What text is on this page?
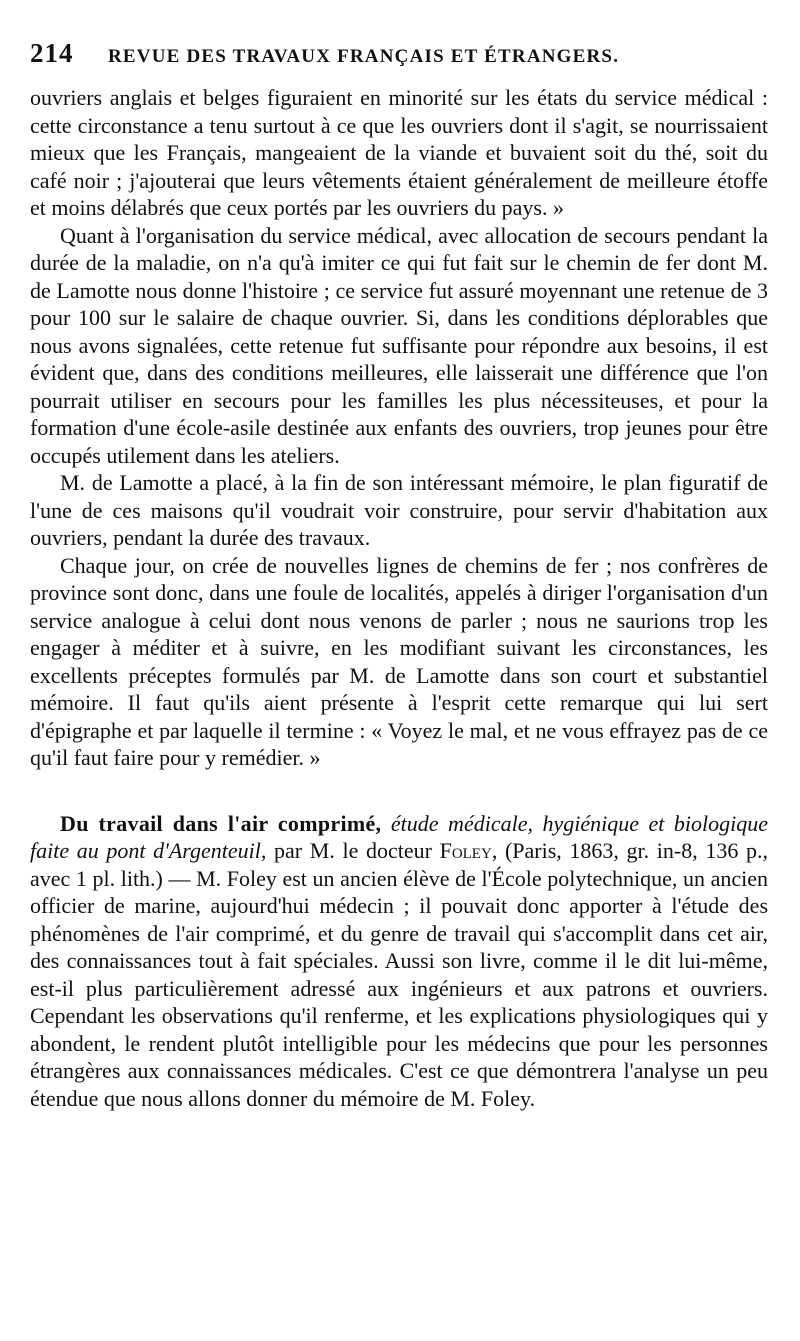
214	REVUE DES TRAVAUX FRANÇAIS ET ÉTRANGERS.

ouvriers anglais et belges figuraient en minorité sur les états du service médical : cette circonstance a tenu surtout à ce que les ouvriers dont il s'agit, se nourrissaient mieux que les Français, mangeaient de la viande et buvaient soit du thé, soit du café noir ; j'ajouterai que leurs vêtements étaient généralement de meilleure étoffe et moins délabrés que ceux portés par les ouvriers du pays. »

Quant à l'organisation du service médical, avec allocation de secours pendant la durée de la maladie, on n'a qu'à imiter ce qui fut fait sur le chemin de fer dont M. de Lamotte nous donne l'histoire ; ce service fut assuré moyennant une retenue de 3 pour 100 sur le salaire de chaque ouvrier. Si, dans les conditions déplorables que nous avons signalées, cette retenue fut suffisante pour répondre aux besoins, il est évident que, dans des conditions meilleures, elle laisserait une différence que l'on pourrait utiliser en secours pour les familles les plus nécessiteuses, et pour la formation d'une école-asile destinée aux enfants des ouvriers, trop jeunes pour être occupés utilement dans les ateliers.

M. de Lamotte a placé, à la fin de son intéressant mémoire, le plan figuratif de l'une de ces maisons qu'il voudrait voir construire, pour servir d'habitation aux ouvriers, pendant la durée des travaux.

Chaque jour, on crée de nouvelles lignes de chemins de fer ; nos confrères de province sont donc, dans une foule de localités, appelés à diriger l'organisation d'un service analogue à celui dont nous venons de parler ; nous ne saurions trop les engager à méditer et à suivre, en les modifiant suivant les circonstances, les excellents préceptes formulés par M. de Lamotte dans son court et substantiel mémoire. Il faut qu'ils aient présente à l'esprit cette remarque qui lui sert d'épigraphe et par laquelle il termine : « Voyez le mal, et ne vous effrayez pas de ce qu'il faut faire pour y remédier. »

Du travail dans l'air comprimé, étude médicale, hygiénique et biologique faite au pont d'Argenteuil, par M. le docteur Foley, (Paris, 1863, gr. in-8, 136 p., avec 1 pl. lith.) — M. Foley est un ancien élève de l'École polytechnique, un ancien officier de marine, aujourd'hui médecin ; il pouvait donc apporter à l'étude des phénomènes de l'air comprimé, et du genre de travail qui s'accomplit dans cet air, des connaissances tout à fait spéciales. Aussi son livre, comme il le dit lui-même, est-il plus particulièrement adressé aux ingénieurs et aux patrons et ouvriers. Cependant les observations qu'il renferme, et les explications physiologiques qui y abondent, le rendent plutôt intelligible pour les médecins que pour les personnes étrangères aux connaissances médicales. C'est ce que démontrera l'analyse un peu étendue que nous allons donner du mémoire de M. Foley.
